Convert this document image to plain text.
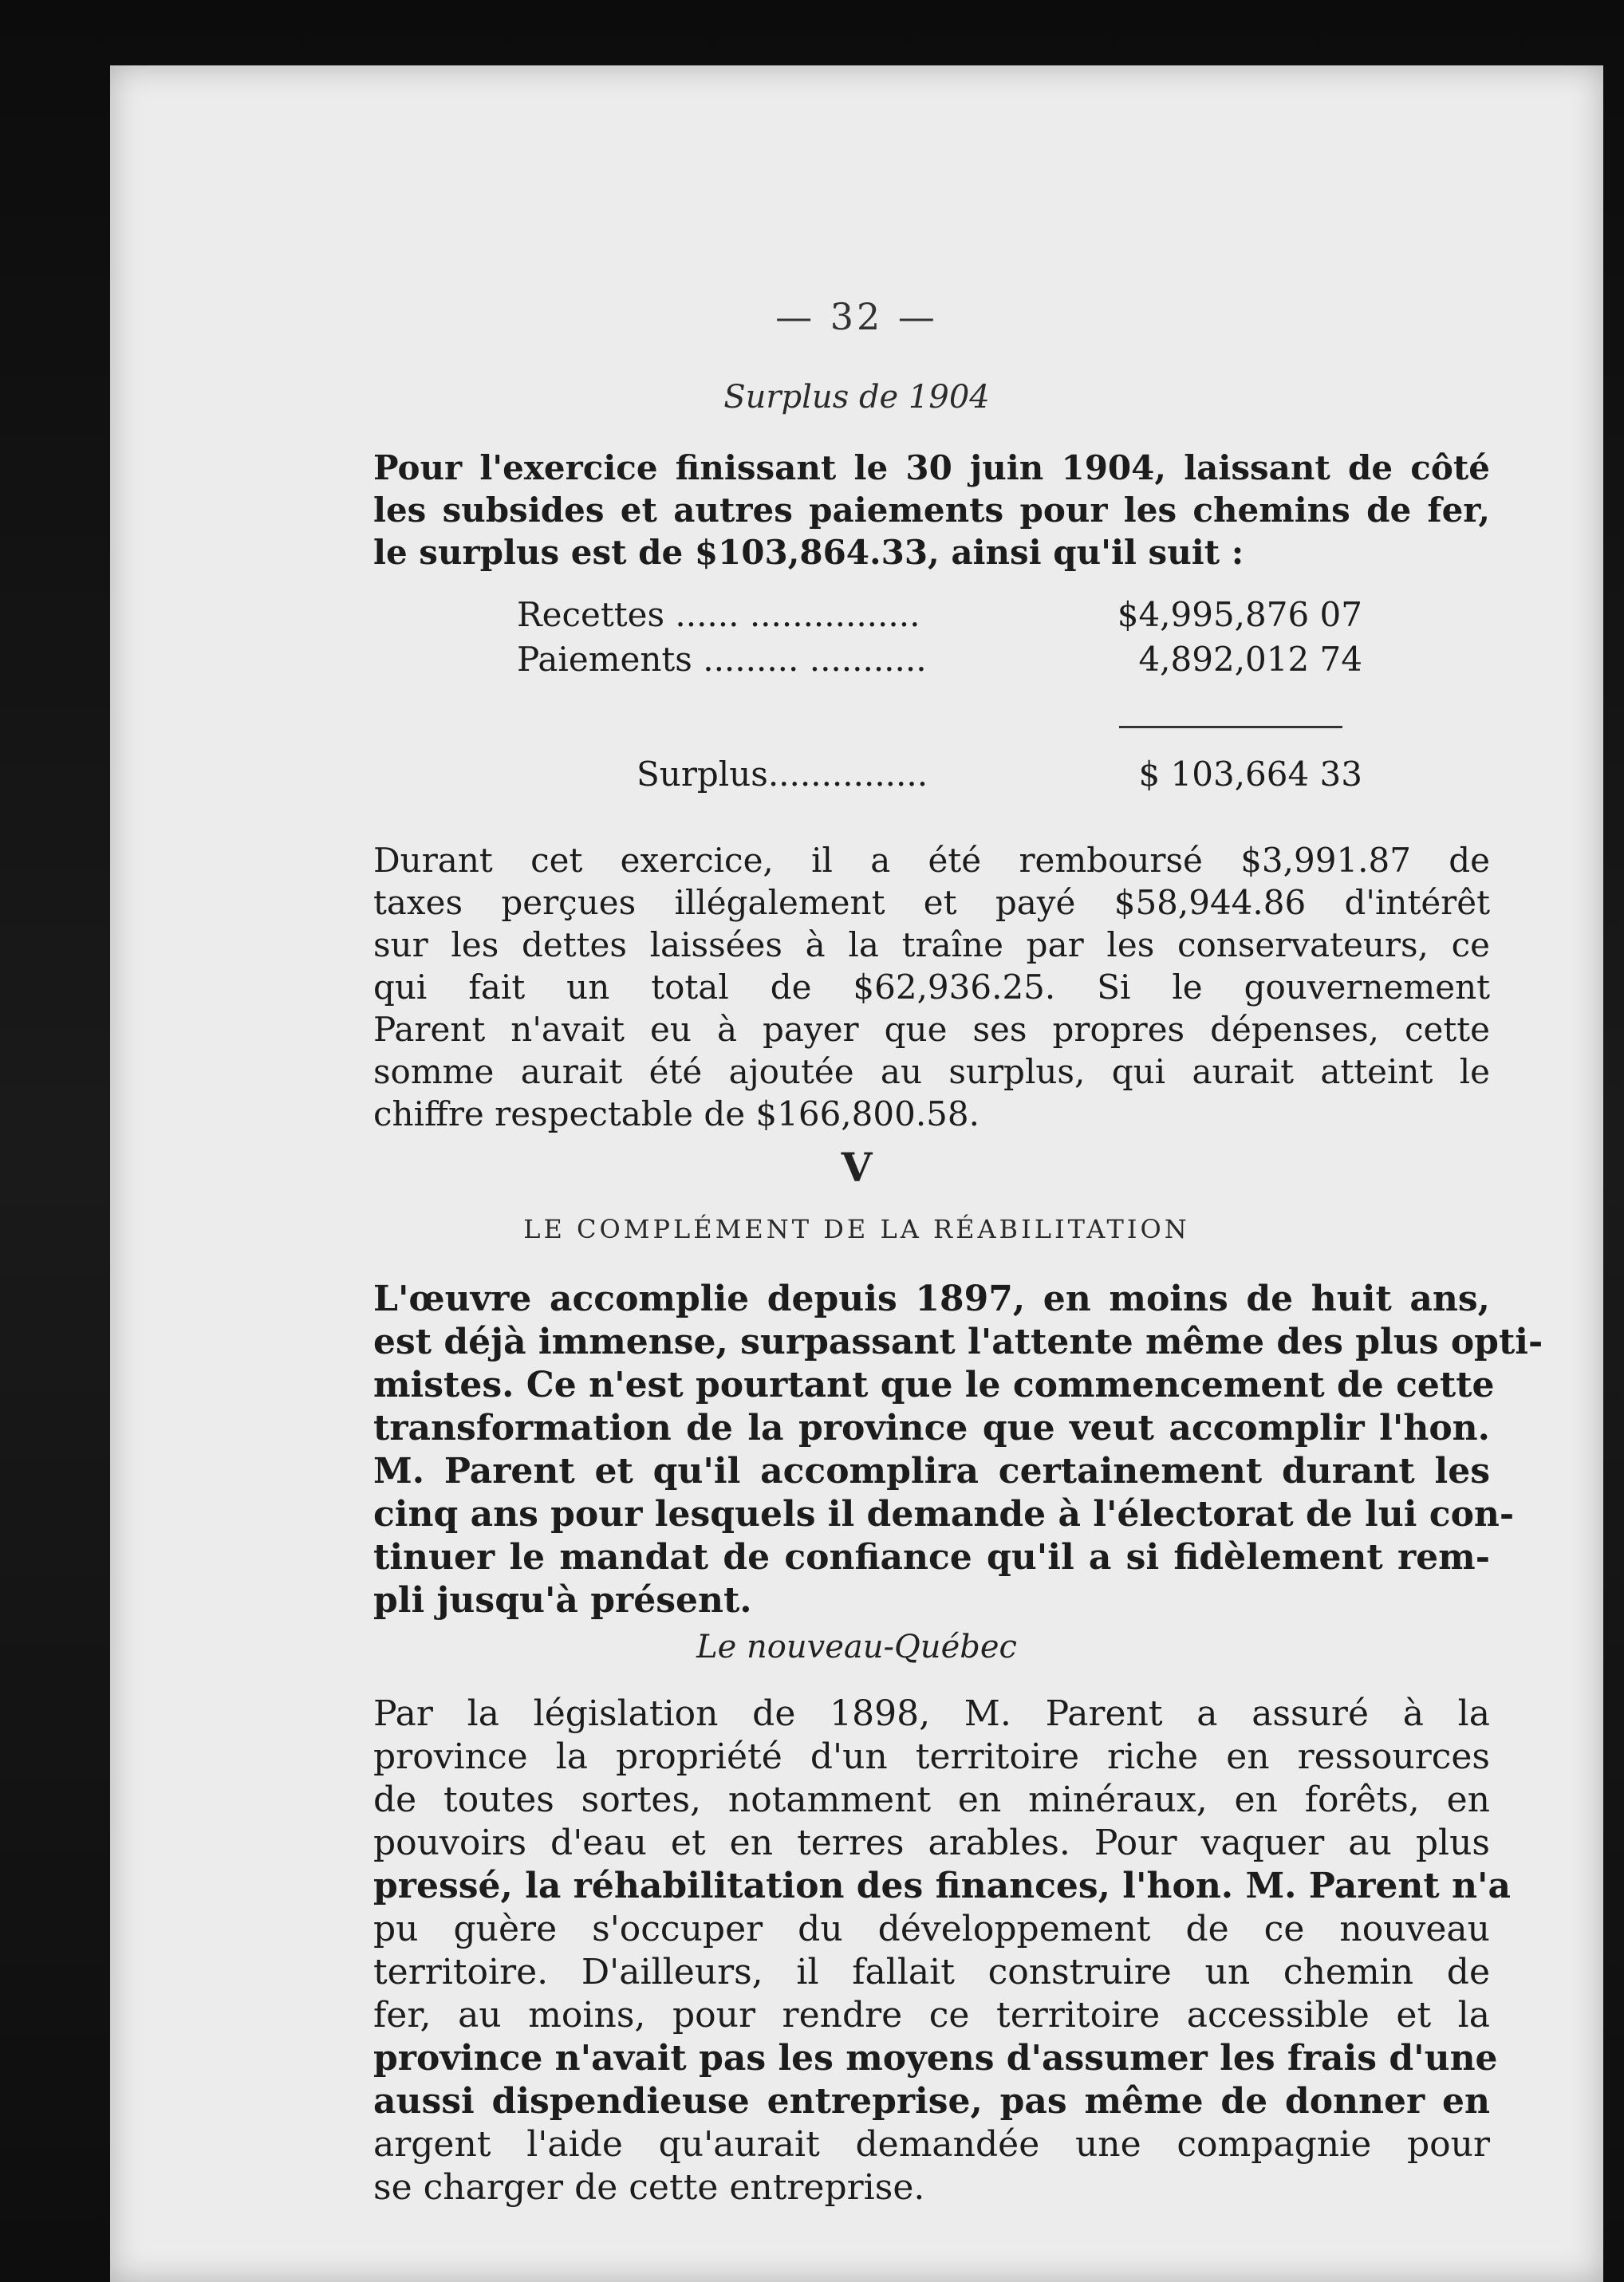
— 32 —
Surplus de 1904
Pour l'exercice finissant le 30 juin 1904, laissant de côté
les subsides et autres paiements pour les chemins de fer,
le surplus est de $103,864.33, ainsi qu'il suit :
Recettes ...... ................	$4,995,876 07
Paiements ......... ...........	4,892,012 74
Surplus...............	$ 103,664 33
Durant cet exercice, il a été remboursé $3,991.87 de
taxes perçues illégalement et payé $58,944.86 d'intérêt
sur les dettes laissées à la traîne par les conservateurs, ce
qui fait un total de $62,936.25. Si le gouvernement
Parent n'avait eu à payer que ses propres dépenses, cette
somme aurait été ajoutée au surplus, qui aurait atteint le
chiffre respectable de $166,800.58.
V
LE COMPLÉMENT DE LA RÉABILITATION
L'œuvre accomplie depuis 1897, en moins de huit ans,
est déjà immense, surpassant l'attente même des plus opti-
mistes. Ce n'est pourtant que le commencement de cette
transformation de la province que veut accomplir l'hon.
M. Parent et qu'il accomplira certainement durant les
cinq ans pour lesquels il demande à l'électorat de lui con-
tinuer le mandat de confiance qu'il a si fidèlement rem-
pli jusqu'à présent.
Le nouveau-Québec
Par la législation de 1898, M. Parent a assuré à la
province la propriété d'un territoire riche en ressources
de toutes sortes, notamment en minéraux, en forêts, en
pouvoirs d'eau et en terres arables. Pour vaquer au plus
pressé, la réhabilitation des finances, l'hon. M. Parent n'a
pu guère s'occuper du développement de ce nouveau
territoire. D'ailleurs, il fallait construire un chemin de
fer, au moins, pour rendre ce territoire accessible et la
province n'avait pas les moyens d'assumer les frais d'une
aussi dispendieuse entreprise, pas même de donner en
argent l'aide qu'aurait demandée une compagnie pour
se charger de cette entreprise.
